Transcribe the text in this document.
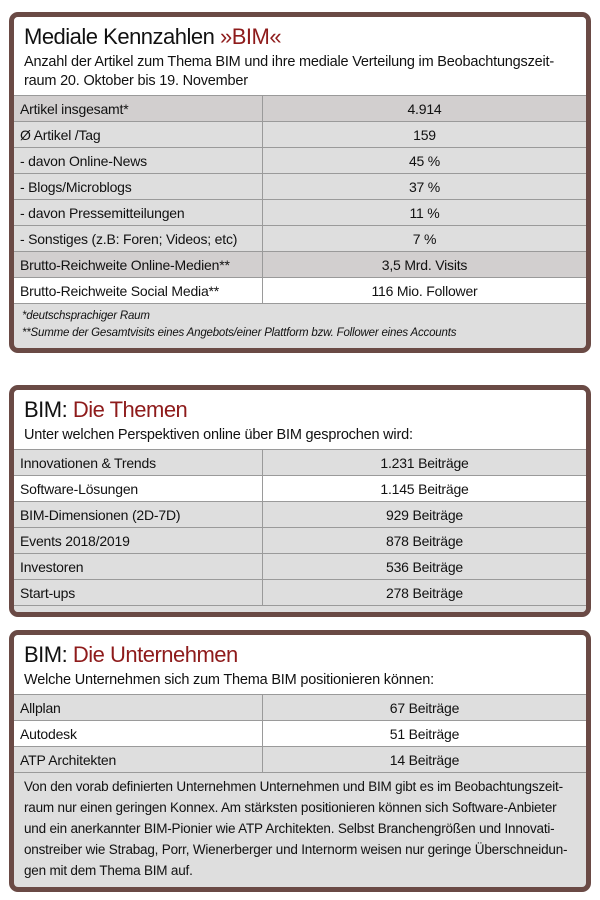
Mediale Kennzahlen »BIM«
Anzahl der Artikel zum Thema BIM und ihre mediale Verteilung im Beobachtungszeit-
raum 20. Oktober bis 19. November
Artikel insgesamt*	4.914
Ø Artikel /Tag	159
- davon Online-News	45 %
- Blogs/Microblogs	37 %
- davon Pressemitteilungen	11 %
- Sonstiges (z.B: Foren; Videos; etc)	7 %
Brutto-Reichweite Online-Medien**	3,5 Mrd. Visits
Brutto-Reichweite Social Media**	116 Mio. Follower
*deutschsprachiger Raum
**Summe der Gesamtvisits eines Angebots/einer Plattform bzw. Follower eines Accounts
BIM: Die Themen
Unter welchen Perspektiven online über BIM gesprochen wird:
Innovationen & Trends	1.231 Beiträge
Software-Lösungen	1.145 Beiträge
BIM-Dimensionen (2D-7D)	929 Beiträge
Events 2018/2019	878 Beiträge
Investoren	536 Beiträge
Start-ups	278 Beiträge
BIM: Die Unternehmen
Welche Unternehmen sich zum Thema BIM positionieren können:
Allplan	67 Beiträge
Autodesk	51 Beiträge
ATP Architekten	14 Beiträge
Von den vorab definierten Unternehmen Unternehmen und BIM gibt es im Beobachtungszeit-
raum nur einen geringen Konnex. Am stärksten positionieren können sich Software-Anbieter
und ein anerkannter BIM-Pionier wie ATP Architekten. Selbst Branchengrößen und Innovati-
onstreiber wie Strabag, Porr, Wienerberger und Internorm weisen nur geringe Überschneidun-
gen mit dem Thema BIM auf.
